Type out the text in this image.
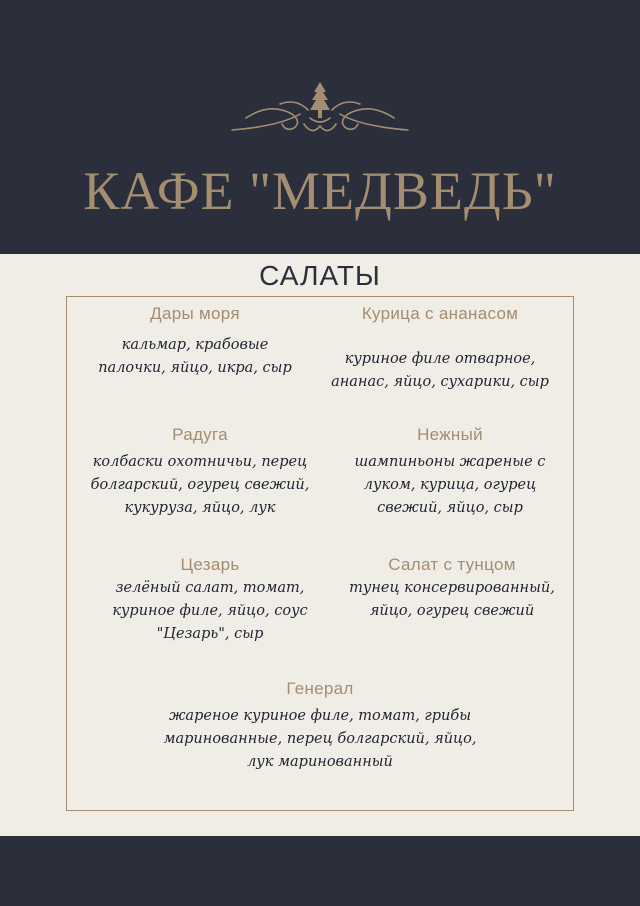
КАФЕ "МЕДВЕДЬ"
САЛАТЫ
Дары моря
кальмар, крабовые
палочки, яйцо, икра, сыр
Курица с ананасом
куриное филе отварное,
ананас, яйцо, сухарики, сыр
Радуга
колбаски охотничьи, перец
болгарский, огурец свежий,
кукуруза, яйцо, лук
Нежный
шампиньоны жареные с
луком, курица, огурец
свежий, яйцо, сыр
Цезарь
зелёный салат, томат,
куриное филе, яйцо, соус
"Цезарь", сыр
Салат с тунцом
тунец консервированный,
яйцо, огурец свежий
Генерал
жареное куриное филе, томат, грибы
маринованные, перец болгарский, яйцо,
лук маринованный
